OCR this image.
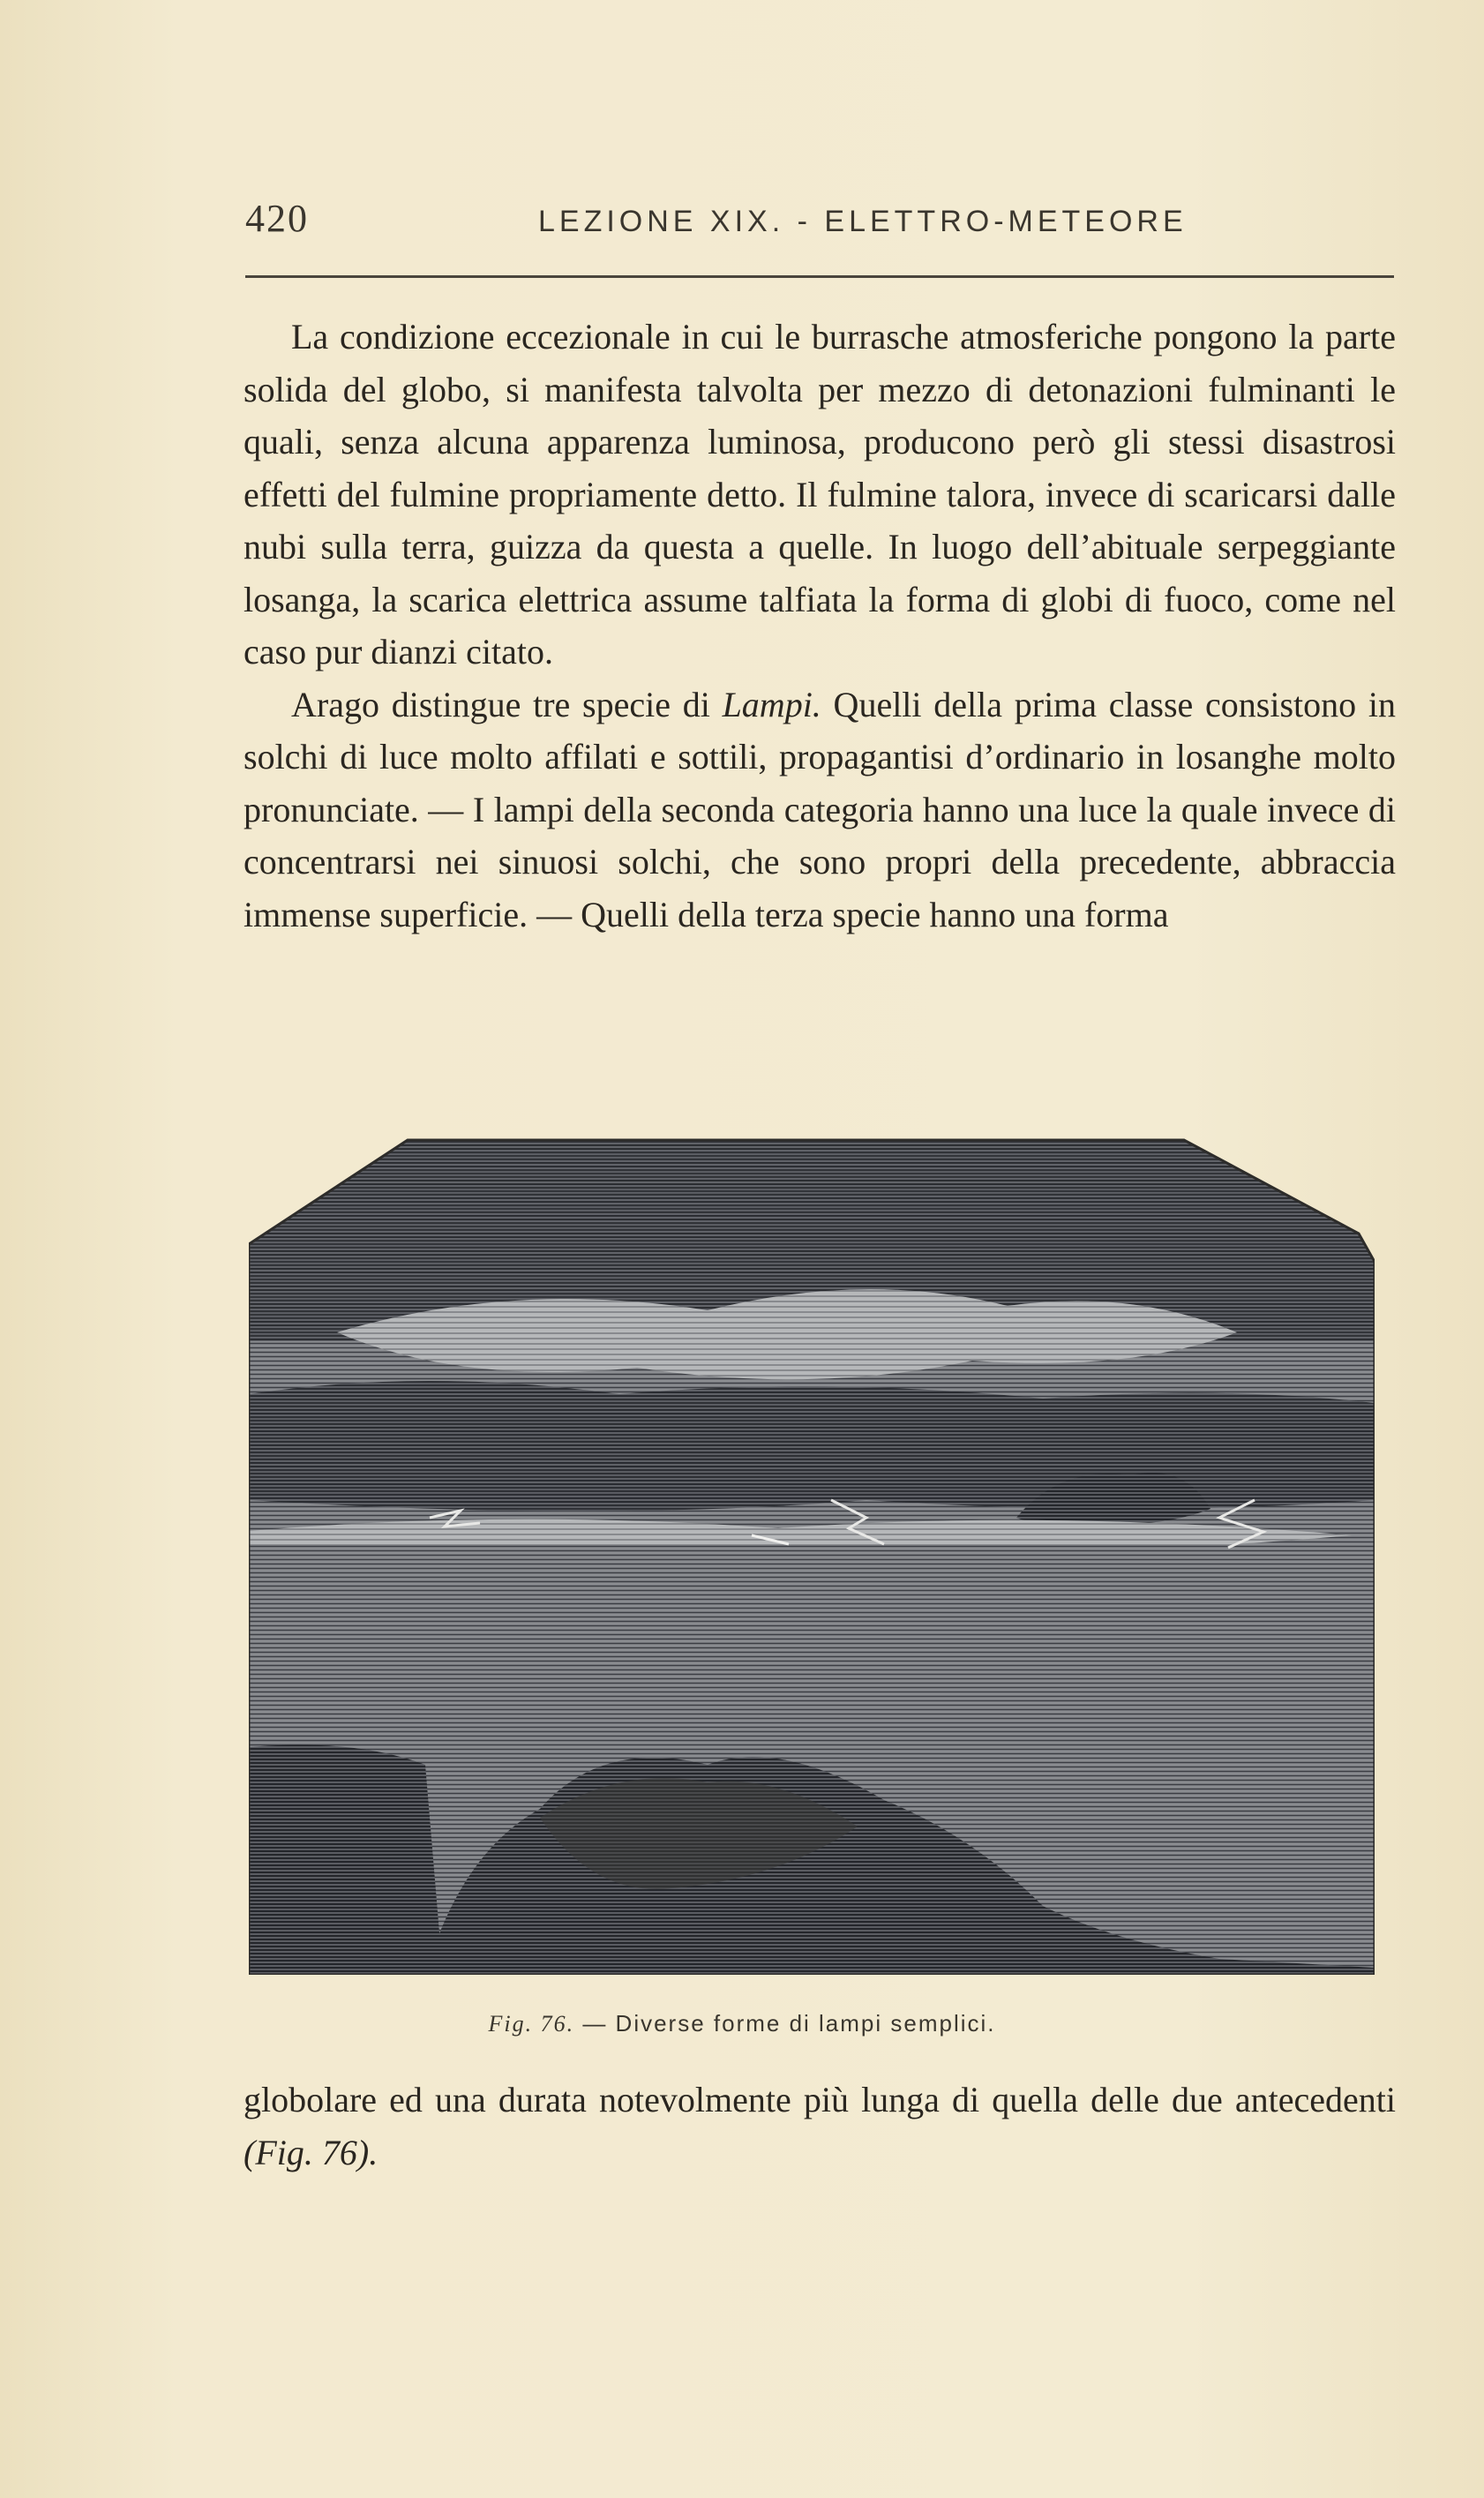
420	LEZIONE XIX. - ELETTRO-METEORE

La condizione eccezionale in cui le burrasche atmosferiche pongono la parte solida del globo, si manifesta talvolta per mezzo di detonazioni fulminanti le quali, senza alcuna apparenza luminosa, producono però gli stessi disastrosi effetti del fulmine propriamente detto. Il fulmine talora, invece di scaricarsi dalle nubi sulla terra, guizza da questa a quelle. In luogo dell’abituale serpeggiante losanga, la scarica elettrica assume talfiata la forma di globi di fuoco, come nel caso pur dianzi citato.

Arago distingue tre specie di Lampi. Quelli della prima classe consistono in solchi di luce molto affilati e sottili, propagantisi d’ordinario in losanghe molto pronunciate. — I lampi della seconda categoria hanno una luce la quale invece di concentrarsi nei sinuosi solchi, che sono propri della precedente, abbraccia immense superficie. — Quelli della terza specie hanno una forma

Fig. 76. — Diverse forme di lampi semplici.

globolare ed una durata notevolmente più lunga di quella delle due antecedenti (Fig. 76).
